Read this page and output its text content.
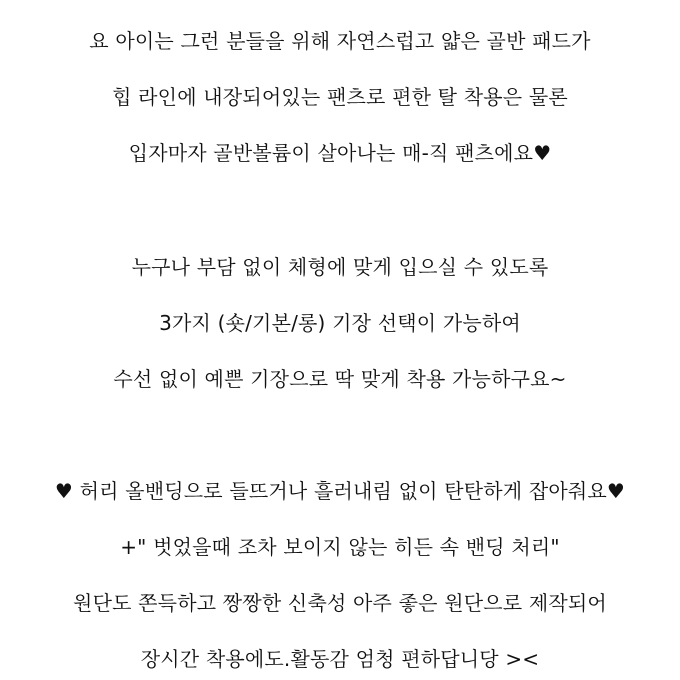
요 아이는 그런 분들을 위해 자연스럽고 얇은 골반 패드가
힙 라인에 내장되어있는 팬츠로 편한 탈 착용은 물론
입자마자 골반볼륨이 살아나는 매-직 팬츠에요♥
누구나 부담 없이 체형에 맞게 입으실 수 있도록
3가지 (숏/기본/롱) 기장 선택이 가능하여
수선 없이 예쁜 기장으로 딱 맞게 착용 가능하구요~
♥ 허리 올밴딩으로 들뜨거나 흘러내림 없이 탄탄하게 잡아줘요♥
+" 벗었을때 조차 보이지 않는 히든 속 밴딩 처리"
원단도 쫀득하고 짱짱한 신축성 아주 좋은 원단으로 제작되어
장시간 착용에도.활동감 엄청 편하답니당 ><
